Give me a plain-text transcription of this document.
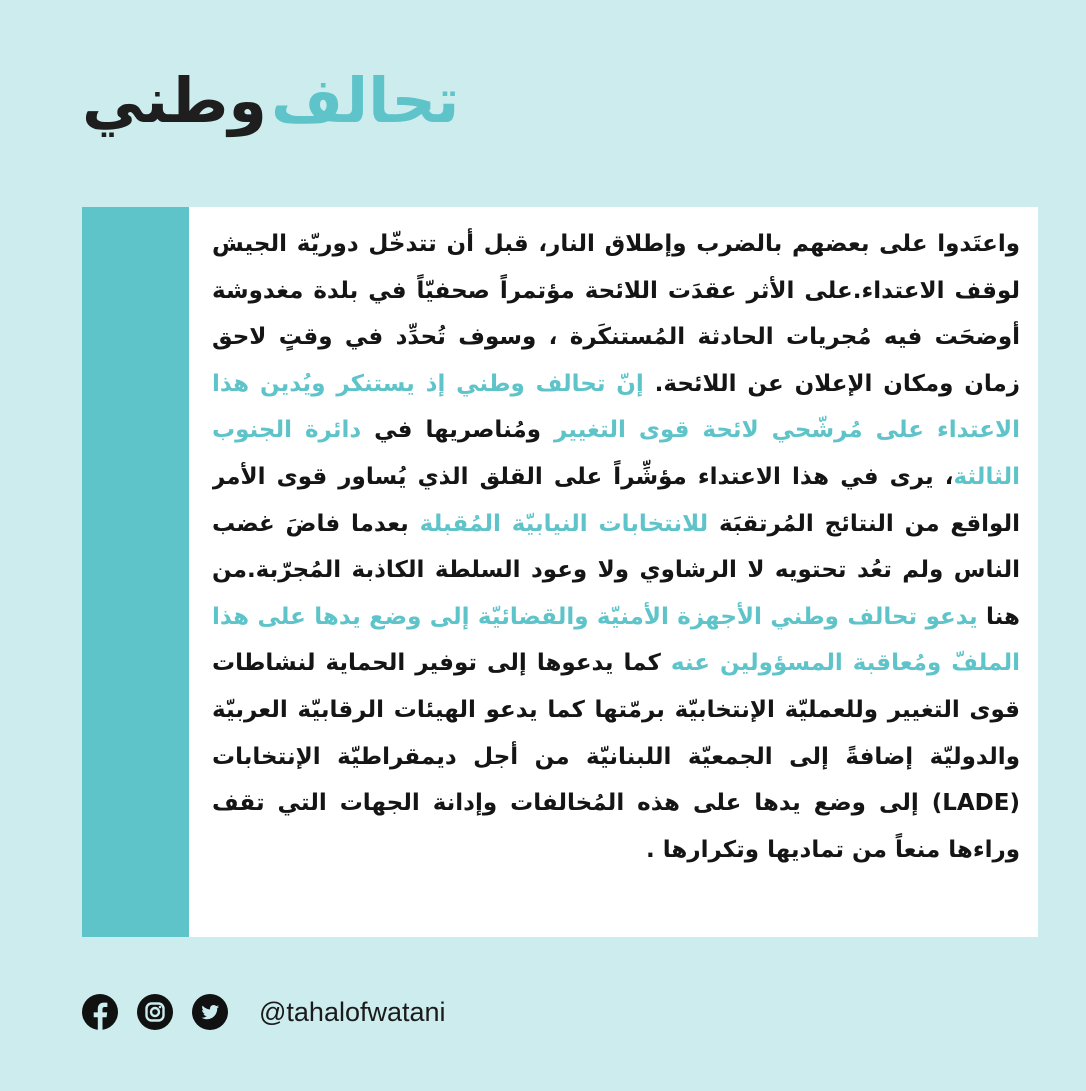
وطني تحالف
واعتَدوا على بعضهم بالضرب وإطلاق النار، قبل أن تتدخّل دوريّة الجيش لوقف الاعتداء.على الأثر عقدَت اللائحة مؤتمراً صحفيّاً في بلدة مغدوشة أوضحَت فيه مُجريات الحادثة المُستنكَرة ، وسوف تُحدِّد في وقتٍ لاحق زمان ومكان الإعلان عن اللائحة. إنّ تحالف وطني إذ يستنكر ويُدين هذا الاعتداء على مُرشّحي لائحة قوى التغيير ومُناصريها في دائرة الجنوب الثالثة، يرى في هذا الاعتداء مؤشِّراً على القلق الذي يُساور قوى الأمر الواقع من النتائج المُرتقبَة للانتخابات النيابيّة المُقبلة بعدما فاضَ غضب الناس ولم تعُد تحتويه لا الرشاوي ولا وعود السلطة الكاذبة المُجرّبة.من هنا يدعو تحالف وطني الأجهزة الأمنيّة والقضائيّة إلى وضع يدها على هذا الملفّ ومُعاقبة المسؤولين عنه كما يدعوها إلى توفير الحماية لنشاطات قوى التغيير وللعمليّة الإنتخابيّة برمّتها كما يدعو الهيئات الرقابيّة العربيّة والدوليّة إضافةً إلى الجمعيّة اللبنانيّة من أجل ديمقراطيّة الإنتخابات (LADE) إلى وضع يدها على هذه المُخالفات وإدانة الجهات التي تقف وراءها منعاً من تماديها وتكرارها .
@tahalofwatani
